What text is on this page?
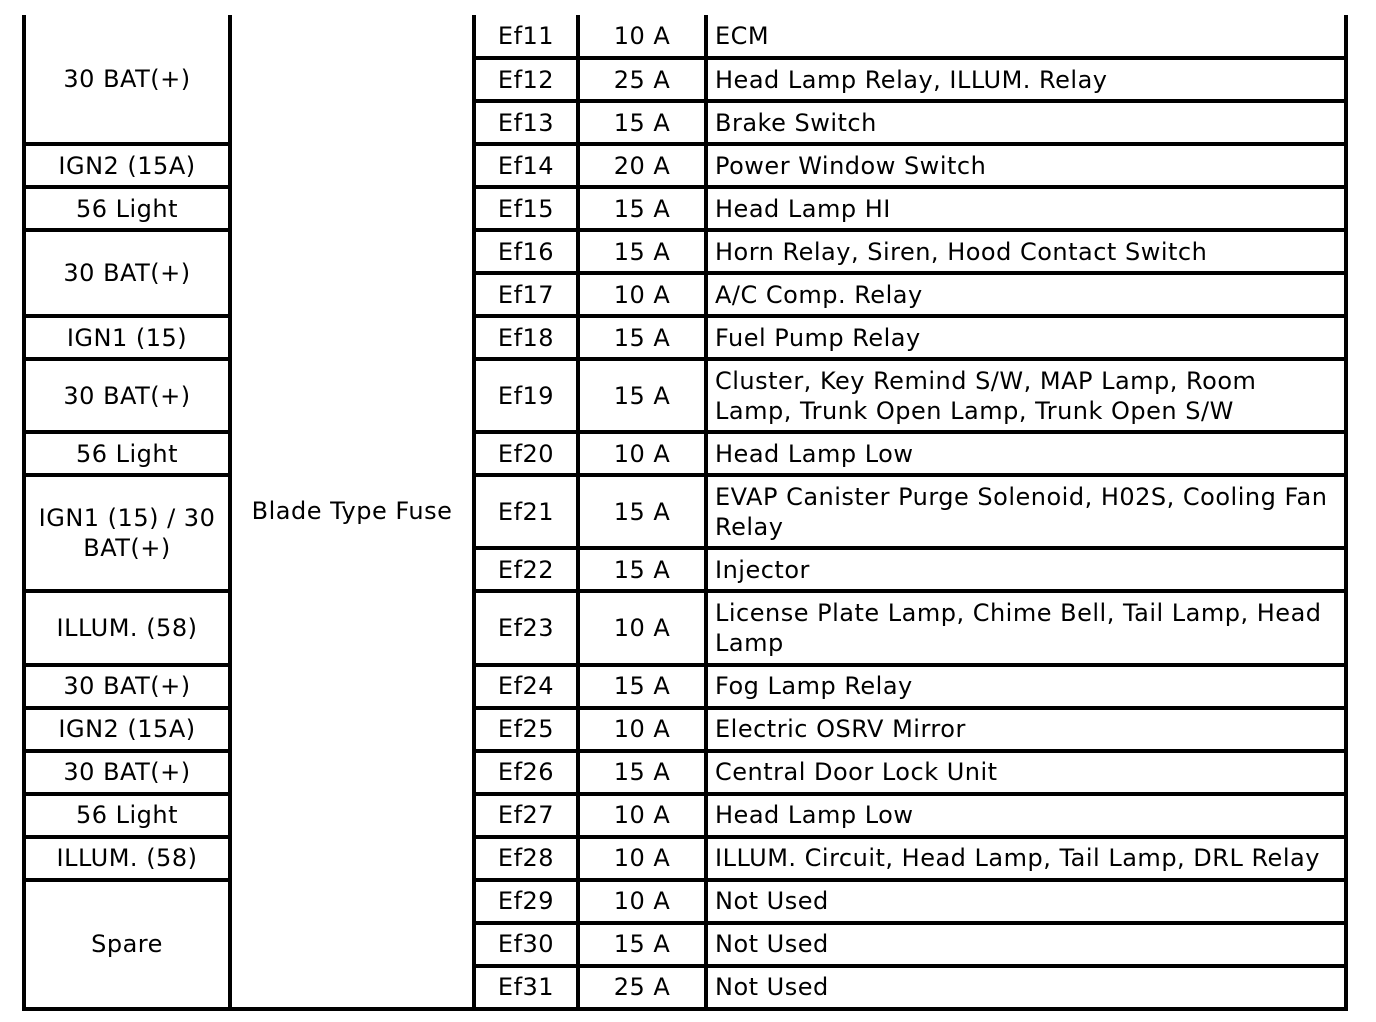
30 BAT(+)	Blade Type Fuse	Ef11	10 A	ECM
		Ef12	25 A	Head Lamp Relay, ILLUM. Relay
		Ef13	15 A	Brake Switch
IGN2 (15A)		Ef14	20 A	Power Window Switch
56 Light		Ef15	15 A	Head Lamp HI
30 BAT(+)		Ef16	15 A	Horn Relay, Siren, Hood Contact Switch
		Ef17	10 A	A/C Comp. Relay
IGN1 (15)		Ef18	15 A	Fuel Pump Relay
30 BAT(+)		Ef19	15 A	Cluster, Key Remind S/W, MAP Lamp, Room Lamp, Trunk Open Lamp, Trunk Open S/W
56 Light		Ef20	10 A	Head Lamp Low
IGN1 (15) / 30 BAT(+)		Ef21	15 A	EVAP Canister Purge Solenoid, H02S, Cooling Fan Relay
		Ef22	15 A	Injector
ILLUM. (58)		Ef23	10 A	License Plate Lamp, Chime Bell, Tail Lamp, Head Lamp
30 BAT(+)		Ef24	15 A	Fog Lamp Relay
IGN2 (15A)		Ef25	10 A	Electric OSRV Mirror
30 BAT(+)		Ef26	15 A	Central Door Lock Unit
56 Light		Ef27	10 A	Head Lamp Low
ILLUM. (58)		Ef28	10 A	ILLUM. Circuit, Head Lamp, Tail Lamp, DRL Relay
Spare		Ef29	10 A	Not Used
		Ef30	15 A	Not Used
		Ef31	25 A	Not Used
